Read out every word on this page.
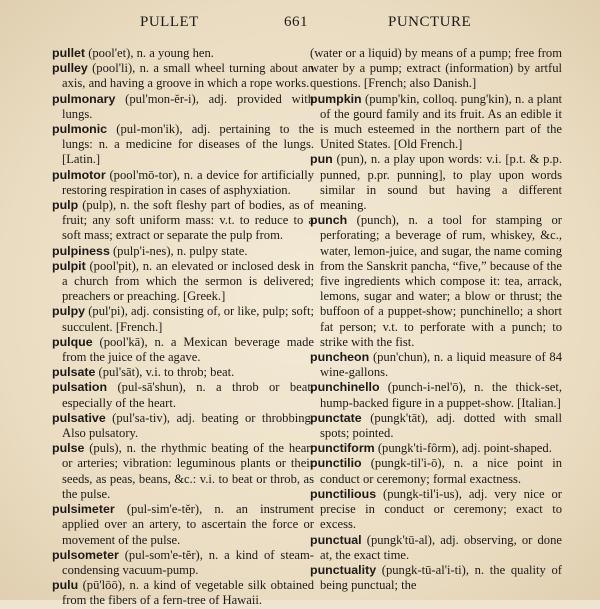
PULLET	661	PUNCTURE

pullet (pool'et), n. a young hen.

pulley (pool'li), n. a small wheel turning about an axis, and having a groove in which a rope works.

pulmonary (pul'mon-ĕr-i), adj. provided with lungs.

pulmonic (pul-mon'ik), adj. pertaining to the lungs: n. a medicine for diseases of the lungs. [Latin.]

pulmotor (pool'mō-tor), n. a device for artificially restoring respiration in cases of asphyxiation.

pulp (pulp), n. the soft fleshy part of bodies, as of fruit; any soft uniform mass: v.t. to reduce to a soft mass; extract or separate the pulp from.

pulpiness (pulp'i-nes), n. pulpy state.

pulpit (pool'pit), n. an elevated or inclosed desk in a church from which the sermon is delivered; preachers or preaching. [Greek.]

pulpy (pul'pi), adj. consisting of, or like, pulp; soft; succulent. [French.]

pulque (pool'kā), n. a Mexican beverage made from the juice of the agave.

pulsate (pul'sāt), v.i. to throb; beat.

pulsation (pul-sā'shun), n. a throb or beat, especially of the heart.

pulsative (pul'sa-tiv), adj. beating or throbbing. Also pulsatory.

pulse (puls), n. the rhythmic beating of the heart or arteries; vibration: leguminous plants or their seeds, as peas, beans, &c.: v.i. to beat or throb, as the pulse.

pulsimeter (pul-sim'e-tĕr), n. an instrument applied over an artery, to ascertain the force or movement of the pulse.

pulsometer (pul-som'e-tĕr), n. a kind of steam-condensing vacuum-pump.

pulu (pū'lōō), n. a kind of vegetable silk obtained from the fibers of a fern-tree of Hawaii.

(water or a liquid) by means of a pump; free from water by a pump; extract (information) by artful questions. [French; also Danish.]

pumpkin (pump'kin, colloq. pung'kin), n. a plant of the gourd family and its fruit. As an edible it is much esteemed in the northern part of the United States. [Old French.]

pun (pun), n. a play upon words: v.i. [p.t. & p.p. punned, p.pr. punning], to play upon words similar in sound but having a different meaning.

punch (punch), n. a tool for stamping or perforating; a beverage of rum, whiskey, &c., water, lemon-juice, and sugar, the name coming from the Sanskrit pancha, “five,” because of the five ingredients which compose it: tea, arrack, lemons, sugar and water; a blow or thrust; the buffoon of a puppet-show; punchinello; a short fat person; v.t. to perforate with a punch; to strike with the fist.

puncheon (pun'chun), n. a liquid measure of 84 wine-gallons.

punchinello (punch-i-nel'ō), n. the thick-set, hump-backed figure in a puppet-show. [Italian.]

punctate (pungk'tāt), adj. dotted with small spots; pointed.

punctiform (pungk'ti-fôrm), adj. point-shaped.

punctilio (pungk-til'i-ō), n. a nice point in conduct or ceremony; formal exactness.

punctilious (pungk-til'i-us), adj. very nice or precise in conduct or ceremony; exact to excess.

punctual (pungk'tū-al), adj. observing, or done at, the exact time.

punctuality (pungk-tū-al'i-ti), n. the quality of being punctual; the
